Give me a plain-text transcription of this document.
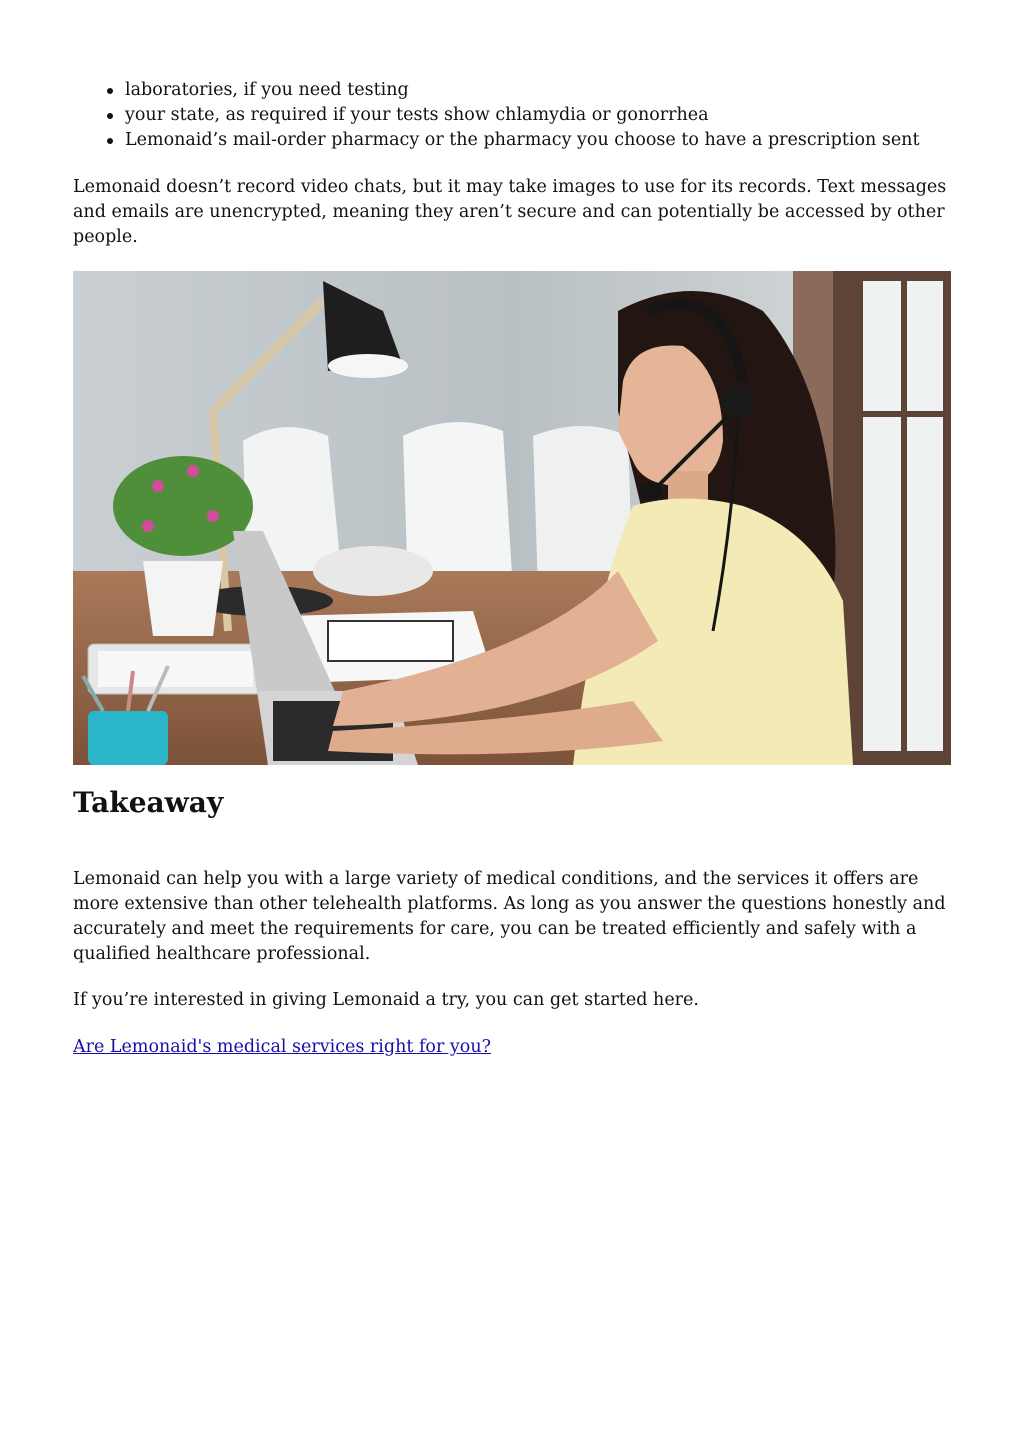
laboratories, if you need testing
your state, as required if your tests show chlamydia or gonorrhea
Lemonaid’s mail-order pharmacy or the pharmacy you choose to have a prescription sent

Lemonaid doesn’t record video chats, but it may take images to use for its records. Text messages and emails are unencrypted, meaning they aren’t secure and can potentially be accessed by other people.

Takeaway

Lemonaid can help you with a large variety of medical conditions, and the services it offers are more extensive than other telehealth platforms. As long as you answer the questions honestly and accurately and meet the requirements for care, you can be treated efficiently and safely with a qualified healthcare professional.

If you’re interested in giving Lemonaid a try, you can get started here.

Are Lemonaid's medical services right for you?
